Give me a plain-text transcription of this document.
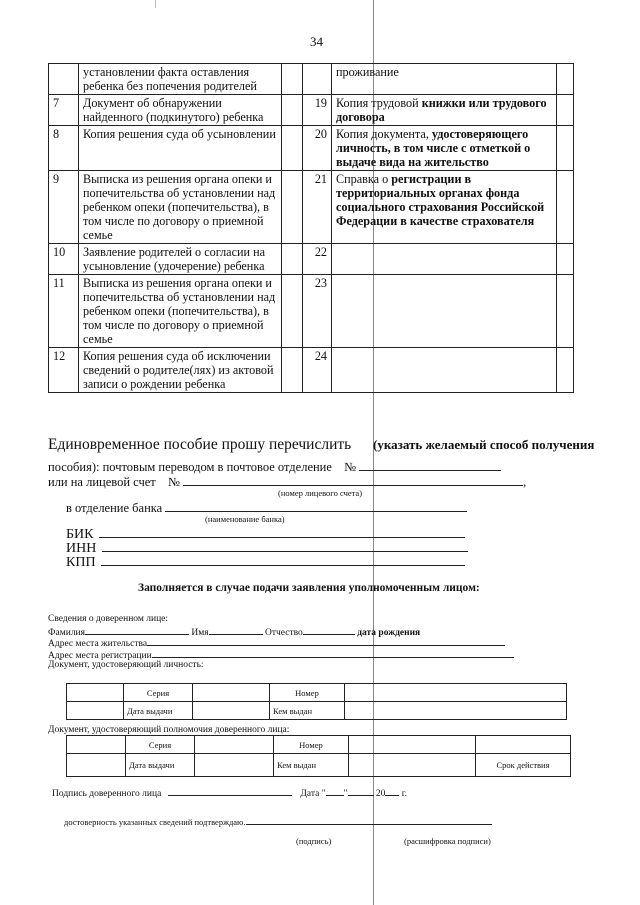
34
	установлении факта оставления ребенка без попечения родителей			проживание	
7	Документ об обнаружении найденного (подкинутого) ребенка		19	Копия трудовой книжки или трудового договора	
8	Копия решения суда об усыновлении		20	Копия документа, удостоверяющего личность, в том числе с отметкой о выдаче вида на жительство	
9	Выписка из решения органа опеки и попечительства об установлении над ребенком опеки (попечительства), в том числе по договору о приемной семье		21	Справка о регистрации в территориальных органах фонда социального страхования Российской Федерации в качестве страхователя	
10	Заявление родителей о согласии на усыновление (удочерение) ребенка		22		
11	Выписка из решения органа опеки и попечительства об установлении над ребенком опеки (попечительства), в том числе по договору о приемной семье		23		
12	Копия решения суда об исключении сведений о родителе(лях) из актовой записи о рождении ребенка		24		
Единовременное пособие прошу перечислить (указать желаемый способ получения
пособия): почтовым переводом в почтовое отделение №
или на лицевой счет №	,
(номер лицевого счета)
в отделение банка
(наименование банка)
БИК
ИНН
КПП
Заполняется в случае подачи заявления уполномоченным лицом:
Сведения о доверенном лице:
Фамилия	Имя	Отчество	дата рождения
Адрес места жительства
Адрес места регистрации
Документ, удостоверяющий личность:
	Серия		Номер	
	Дата выдачи		Кем выдан	
Документ, удостоверяющий полномочия доверенного лица:
	Серия		Номер		
	Дата выдачи		Кем выдан		Срок действия
Подпись доверенного лица	Дата " "	20 г.
достоверность указанных сведений подтверждаю.
(подпись)	(расшифровка подписи)
